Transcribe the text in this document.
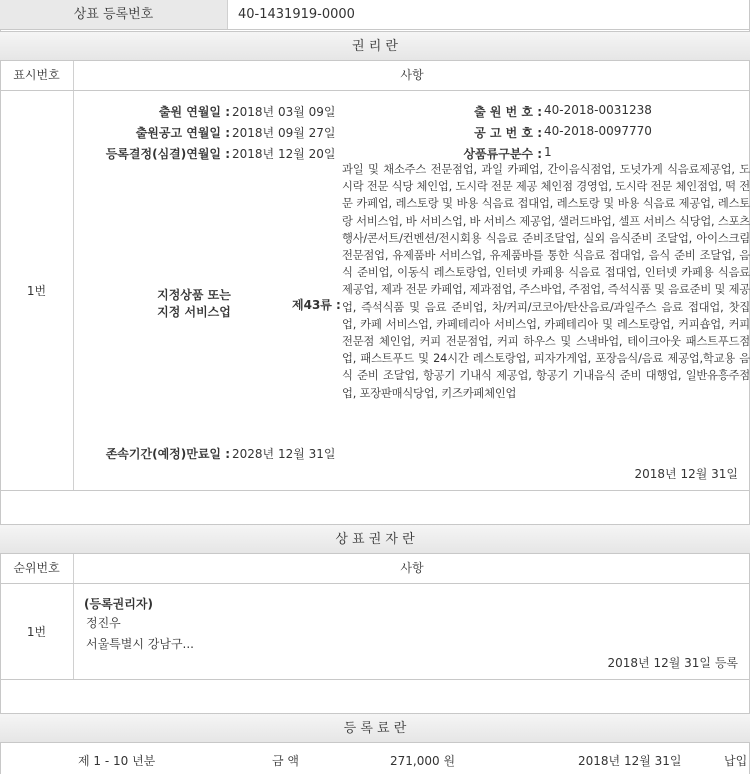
상표 등록번호	40-1431919-0000
권 리 란
표시번호	사항
1번
출원 연월일 : 2018년 03월 09일	출 원 번 호 : 40-2018-0031238
출원공고 연월일 : 2018년 09월 27일	공 고 번 호 : 40-2018-0097770
등록결정(심결)연월일 : 2018년 12월 20일	상품류구분수 : 1
지정상품 또는
지정 서비스업	제43류 :
과일 및 채소주스 전문점업, 과일 카페업, 간이음식점업, 도넛가게 식음료제공업, 도시락 전문 식당 체인업, 도시락 전문 제공 체인점 경영업, 도시락 전문 체인점업, 떡 전문 카페업, 레스토랑 및 바용 식음료 접대업, 레스토랑 및 바용 식음료 제공업, 레스토랑 서비스업, 바 서비스업, 바 서비스 제공업, 샐러드바업, 셀프 서비스 식당업, 스포츠행사/콘서트/컨벤션/전시회용 식음료 준비조달업, 실외 음식준비 조달업, 아이스크림 전문점업, 유제품바 서비스업, 유제품바를 통한 식음료 접대업, 음식 준비 조달업, 음식 준비업, 이동식 레스토랑업, 인터넷 카페용 식음료 접대업, 인터넷 카페용 식음료 제공업, 제과 전문 카페업, 제과점업, 주스바업, 주점업, 즉석식품 및 음료준비 및 제공업, 즉석식품 및 음료 준비업, 차/커피/코코아/탄산음료/과일주스 음료 접대업, 찻집업, 카페 서비스업, 카페테리아 서비스업, 카페테리아 및 레스토랑업, 커피숍업, 커피 전문점 체인업, 커피 전문점업, 커피 하우스 및 스낵바업, 테이크아웃 패스트푸드점업, 패스트푸드 및 24시간 레스토랑업, 피자가게업, 포장음식/음료 제공업,학교용 음식 준비 조달업, 항공기 기내식 제공업, 항공기 기내음식 준비 대행업, 일반유흥주점업, 포장판매식당업, 키즈카페체인업
존속기간(예정)만료일 : 2028년 12월 31일
2018년 12월 31일
상 표 권 자 란
순위번호	사항
1번
(등록권리자)
정진우
서울특별시 강남구...
2018년 12월 31일 등록
등 록 료 란
제 1 - 10 년분	금 액	271,000 원	2018년 12월 31일	납입
